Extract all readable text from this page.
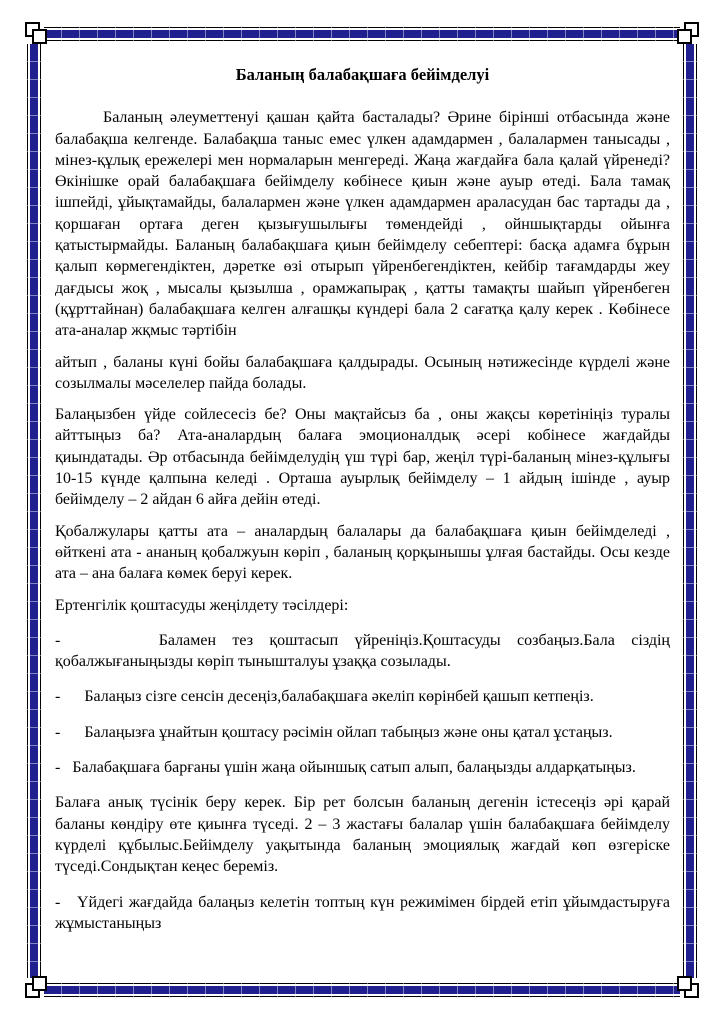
Баланың балабақшаға бейімделуі

Баланың әлеуметтенуі қашан қайта басталады? Әрине бірінші отбасында және балабақша келгенде. Балабақша таныс емес үлкен адамдармен , балалармен танысады , мінез-құлық ережелері мен нормаларын менгереді. Жаңа жағдайға бала қалай үйренеді? Өкінішке орай балабақшаға бейімделу көбінесе қиын және ауыр өтеді. Бала тамақ ішпейді, ұйықтамайды, балалармен және үлкен адамдармен араласудан бас тартады да , қоршаған ортаға деген қызығушылығы төмендейді , ойншықтарды ойынға қатыстырмайды. Баланың балабақшаға қиын бейімделу себептері: басқа адамға бұрын қалып көрмегендіктен, дәретке өзі отырып үйренбегендіктен, кейбір тағамдарды жеу дағдысы жоқ , мысалы қызылша , орамжапырақ , қатты тамақты шайып үйренбеген (құрттайнан) балабақшаға келген алғашқы күндері бала 2 сағатқа қалу керек . Көбінесе ата-аналар жқмыс тәртібін

айтып , баланы күні бойы балабақшаға қалдырады. Осының нәтижесінде күрделі және созылмалы мәселелер пайда болады.

Балаңызбен үйде сойлесесіз бе? Оны мақтайсыз ба , оны жақсы көретініңіз туралы айттыңыз ба? Ата-аналардың балаға эмоционалдық әсері кобінесе жағдайды қиындатады. Әр отбасында бейімделудің үш түрі бар, жеңіл түрі-баланың мінез-құлығы 10-15 күнде қалпына келеді . Орташа ауырлық бейімделу – 1 айдың ішінде , ауыр бейімделу – 2 айдан 6 айға дейін өтеді.

Қобалжулары қатты ата – аналардың балалары да балабақшаға қиын бейімделеді , өйткені ата - ананың қобалжуын көріп , баланың қорқынышы ұлғая бастайды. Осы кезде ата – ана балаға көмек беруі керек.

Ертенгілік қоштасуды жеңілдету тәсілдері:

-      Баламен тез қоштасып үйреніңіз.Қоштасуды созбаңыз.Бала сіздің қобалжығаныңызды көріп тынышталуы ұзаққа созылады.

-      Балаңыз сізге сенсін десеңіз,балабақшаға әкеліп көрінбей қашып кетпеңіз.

-      Балаңызға ұнайтын қоштасу рәсімін ойлап табыңыз және оны қатал ұстаңыз.

-   Балабақшаға барғаны үшін жаңа ойыншық сатып алып, балаңызды алдарқатыңыз.

Балаға анық түсінік беру керек. Бір рет болсын баланың дегенін істесеңіз әрі қарай баланы көндіру өте қиынға түседі. 2 – 3 жастағы балалар үшін балабақшаға бейімделу күрделі құбылыс.Бейімделу уақытында баланың эмоциялық жағдай көп өзгеріске түседі.Сондықтан кеңес береміз.

-   Үйдегі жағдайда балаңыз келетін топтың күн режимімен бірдей етіп ұйымдастыруға жұмыстаныңыз
